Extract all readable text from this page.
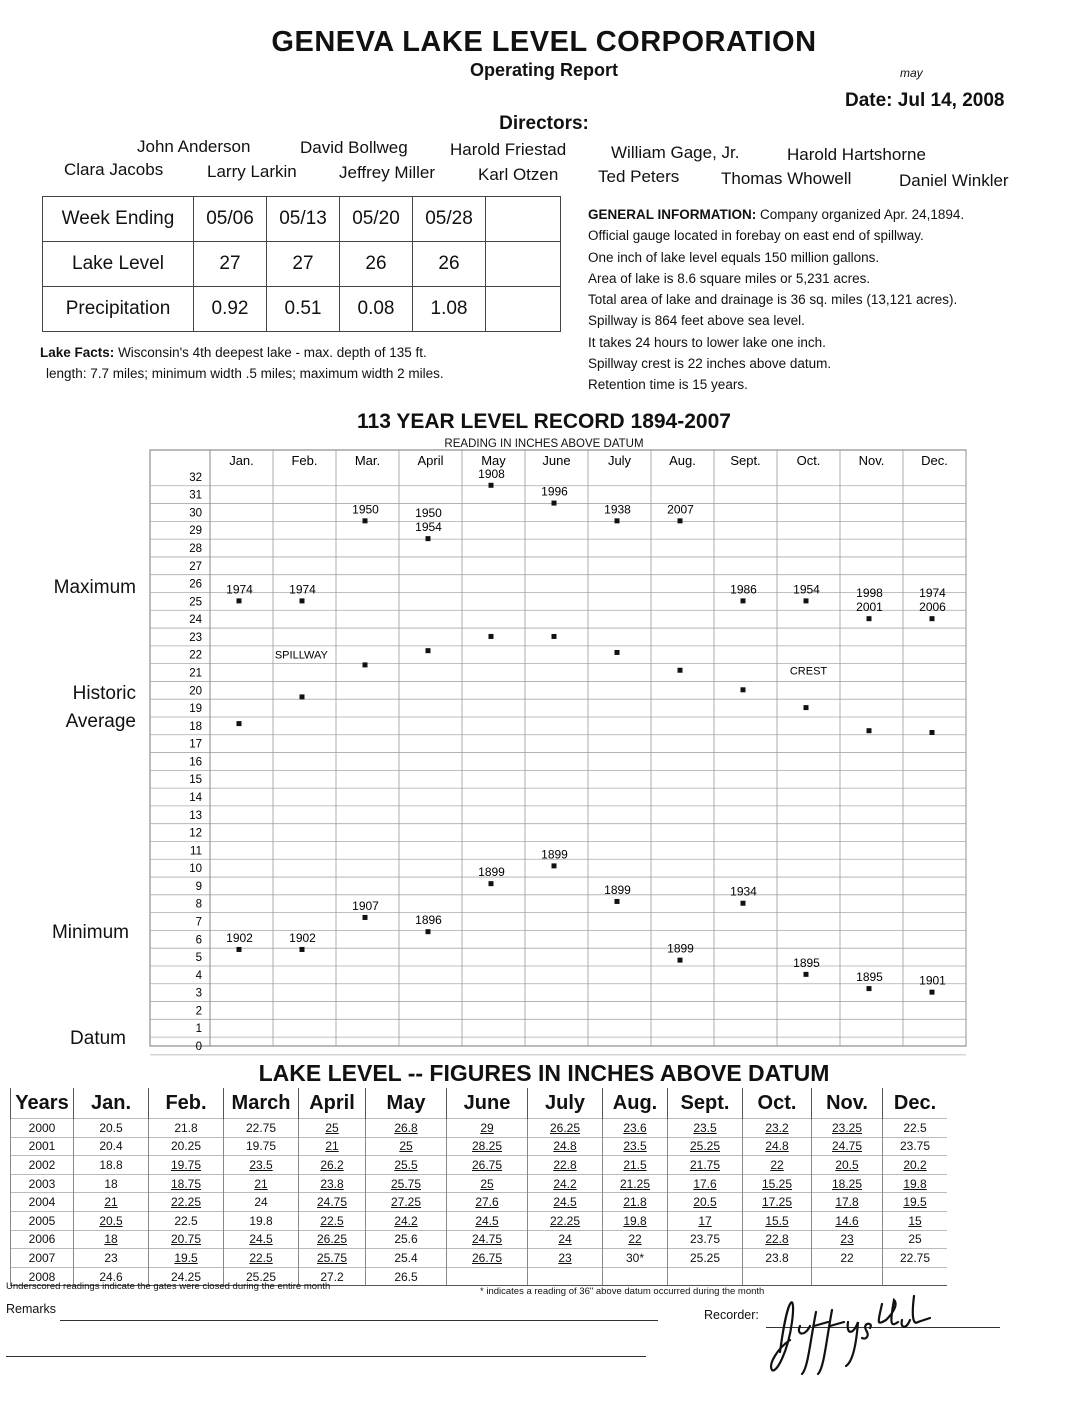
GENEVA LAKE LEVEL CORPORATION
Operating Report	may
Date: Jul 14, 2008
Directors:
John Anderson	David Bollweg Harold Friestad	William Gage, Jr.	Harold Hartshorne
Clara Jacobs	Larry Larkin Jeffrey Miller	Karl Otzen Ted Peters Thomas Whowell	Daniel Winkler
Week Ending	05/06	05/13	05/20	05/28	
Lake Level	27	27	26	26	
Precipitation	0.92	0.51	0.08	1.08	
GENERAL INFORMATION: Company organized Apr. 24,1894.
Official gauge located in forebay on east end of spillway.
One inch of lake level equals 150 million gallons.
Area of lake is 8.6 square miles or 5,231 acres.
Total area of lake and drainage is 36 sq. miles (13,121 acres).
Spillway is 864 feet above sea level.
It takes 24 hours to lower lake one inch.
Spillway crest is 22 inches above datum.
Retention time is 15 years.
Lake Facts: Wisconsin's 4th deepest lake - max. depth of 135 ft.
length: 7.7 miles; minimum width .5 miles; maximum width 2 miles.
113 YEAR LEVEL RECORD 1894-2007
READING IN INCHES ABOVE DATUM
Maximum
Historic
Average
Minimum
Datum
32
31
30
29
28
27
26
25
24
23
22
21
20
19
18
17
16
15
14
13
12
11
10
9
8
7
6
5
4
3
2
1
0
Jan.	Feb.	Mar.	April	May	June	July	Aug.	Sept.	Oct.	Nov.	Dec.
SPILLWAY
CREST
1974	1974
1950	1950
1954
1908
1996
1938	2007
1986	1954	1998
2001
1974
2006
1902	1902
1907
1896
1899
1899
1899
1899
1934
1895
1895	1901
LAKE LEVEL -- FIGURES IN INCHES ABOVE DATUM
Years	Jan.	Feb.	March	April	May	June	July	Aug.	Sept.	Oct.	Nov.	Dec.
2000	20.5	21.8	22.75	25	26.8	29	26.25	23.6	23.5	23.2	23.25	22.5
2001	20.4	20.25	19.75	21	25	28.25	24.8	23.5	25.25	24.8	24.75	23.75
2002	18.8	19.75	23.5	26.2	25.5	26.75	22.8	21.5	21.75	22	20.5	20.2
2003	18	18.75	21	23.8	25.75	25	24.2	21.25	17.6	15.25	18.25	19.8
2004	21	22.25	24	24.75	27.25	27.6	24.5	21.8	20.5	17.25	17.8	19.5
2005	20.5	22.5	19.8	22.5	24.2	24.5	22.25	19.8	17	15.5	14.6	15
2006	18	20.75	24.5	26.25	25.6	24.75	24	22	23.75	22.8	23	25
2007	23	19.5	22.5	25.75	25.4	26.75	23	30*	25.25	23.8	22	22.75
2008	24.6	24.25	25.25	27.2	26.5							
Underscored readings indicate the gates were closed during the entire month	* indicates a reading of 36" above datum occurred during the month
Remarks	Recorder:
